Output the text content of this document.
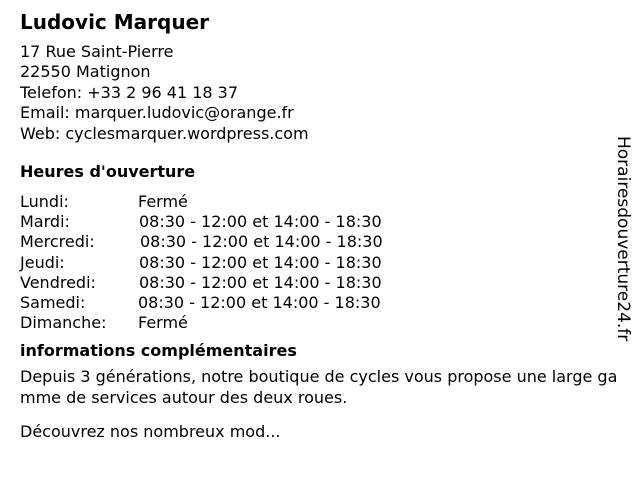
Ludovic Marquer
17 Rue Saint-Pierre
22550 Matignon
Telefon: +33 2 96 41 18 37
Email: marquer.ludovic@orange.fr
Web: cyclesmarquer.wordpress.com
Heures d'ouverture
Lundi:	Fermé
Mardi:	08:30 - 12:00 et 14:00 - 18:30
Mercredi:	08:30 - 12:00 et 14:00 - 18:30
Jeudi:	08:30 - 12:00 et 14:00 - 18:30
Vendredi:	08:30 - 12:00 et 14:00 - 18:30
Samedi:	08:30 - 12:00 et 14:00 - 18:30
Dimanche: Fermé
informations complémentaires
Depuis 3 générations, notre boutique de cycles vous propose une large gamme de services autour des deux roues.
Découvrez nos nombreux mod...
Horairesdouverture24.fr
